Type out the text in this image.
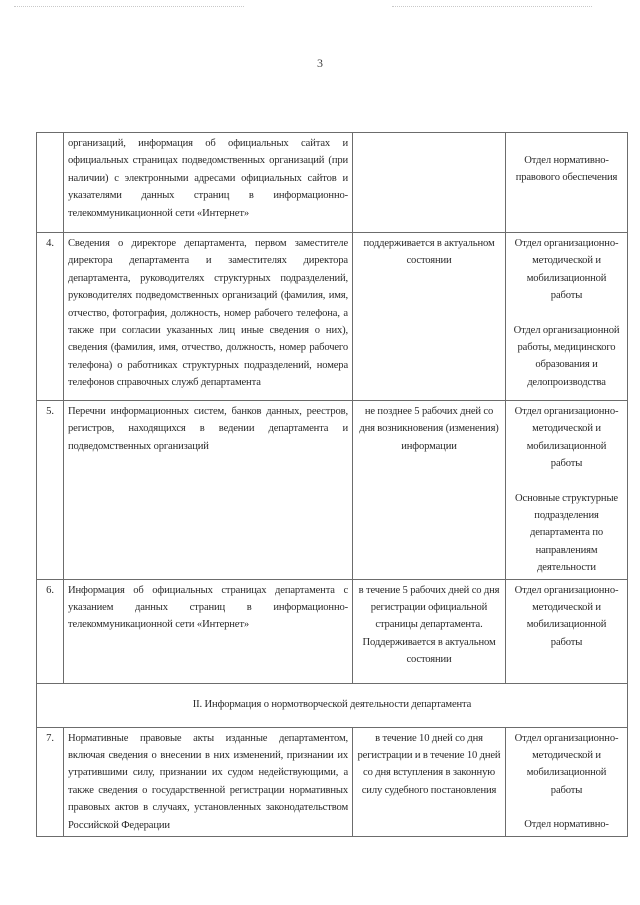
3
	организаций, информация об официальных сайтах и официальных страницах подведомственных организаций (при наличии) с электронными адресами официальных сайтов и указателями данных страниц в информационно-телекоммуникационной сети «Интернет»		Отдел нормативно-правового обеспечения

4.	Сведения о директоре департамента, первом заместителе директора департамента и заместителях директора департамента, руководителях структурных подразделений, руководителях подведомственных организаций (фамилия, имя, отчество, фотография, должность, номер рабочего телефона, а также при согласии указанных лиц иные сведения о них), сведения (фамилия, имя, отчество, должность, номер рабочего телефона) о работниках структурных подразделений, номера телефонов справочных служб департамента	поддерживается в актуальном состоянии	Отдел организационно-методической и мобилизационной работы
Отдел организационной работы, медицинского образования и делопроизводства

5.	Перечни информационных систем, банков данных, реестров, регистров, находящихся в ведении департамента и подведомственных организаций	не позднее 5 рабочих дней со дня возникновения (изменения) информации	Отдел организационно-методической и мобилизационной работы
Основные структурные подразделения департамента по направлениям деятельности

6.	Информация об официальных страницах департамента с указанием данных страниц в информационно-телекоммуникационной сети «Интернет»	в течение 5 рабочих дней со дня регистрации официальной страницы департамента. Поддерживается в актуальном состоянии	Отдел организационно-методической и мобилизационной работы

II. Информация о нормотворческой деятельности департамента			
7.	Нормативные правовые акты изданные департаментом, включая сведения о внесении в них изменений, признании их утратившими силу, признании их судом недействующими, а также сведения о государственной регистрации нормативных правовых актов в случаях, установленных законодательством Российской Федерации	в течение 10 дней со дня регистрации и в течение 10 дней со дня вступления в законную силу судебного постановления	Отдел организационно-методической и мобилизационной работы
Отдел нормативно-
